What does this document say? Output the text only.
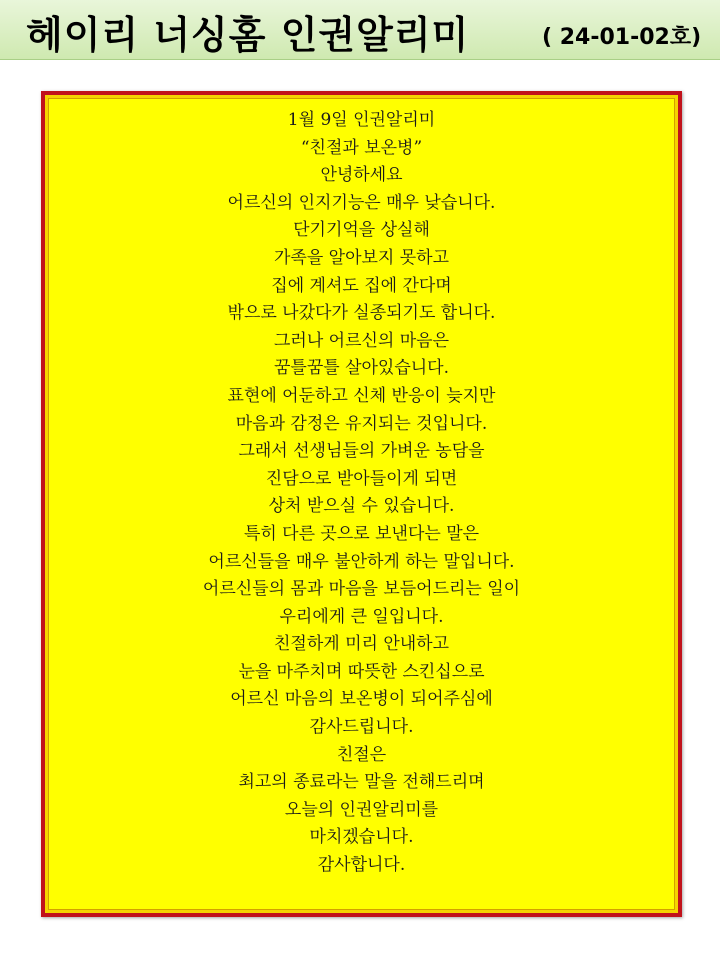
헤이리 너싱홈 인권알리미	( 24-01-02호)
1월 9일 인권알리미
“친절과 보온병”
안녕하세요
어르신의 인지기능은 매우 낮습니다.
단기기억을 상실해
가족을 알아보지 못하고
집에 계셔도 집에 간다며
밖으로 나갔다가 실종되기도 합니다.
그러나 어르신의 마음은
꿈틀꿈틀 살아있습니다.
표현에 어둔하고 신체 반응이 늦지만
마음과 감정은 유지되는 것입니다.
그래서 선생님들의 가벼운 농담을
진담으로 받아들이게 되면
상처 받으실 수 있습니다.
특히 다른 곳으로 보낸다는 말은
어르신들을 매우 불안하게 하는 말입니다.
어르신들의 몸과 마음을 보듬어드리는 일이
우리에게 큰 일입니다.
친절하게 미리 안내하고
눈을 마주치며 따뜻한 스킨십으로
어르신 마음의 보온병이 되어주심에
감사드립니다.
친절은
최고의 종료라는 말을 전해드리며
오늘의 인권알리미를
마치겠습니다.
감사합니다.
